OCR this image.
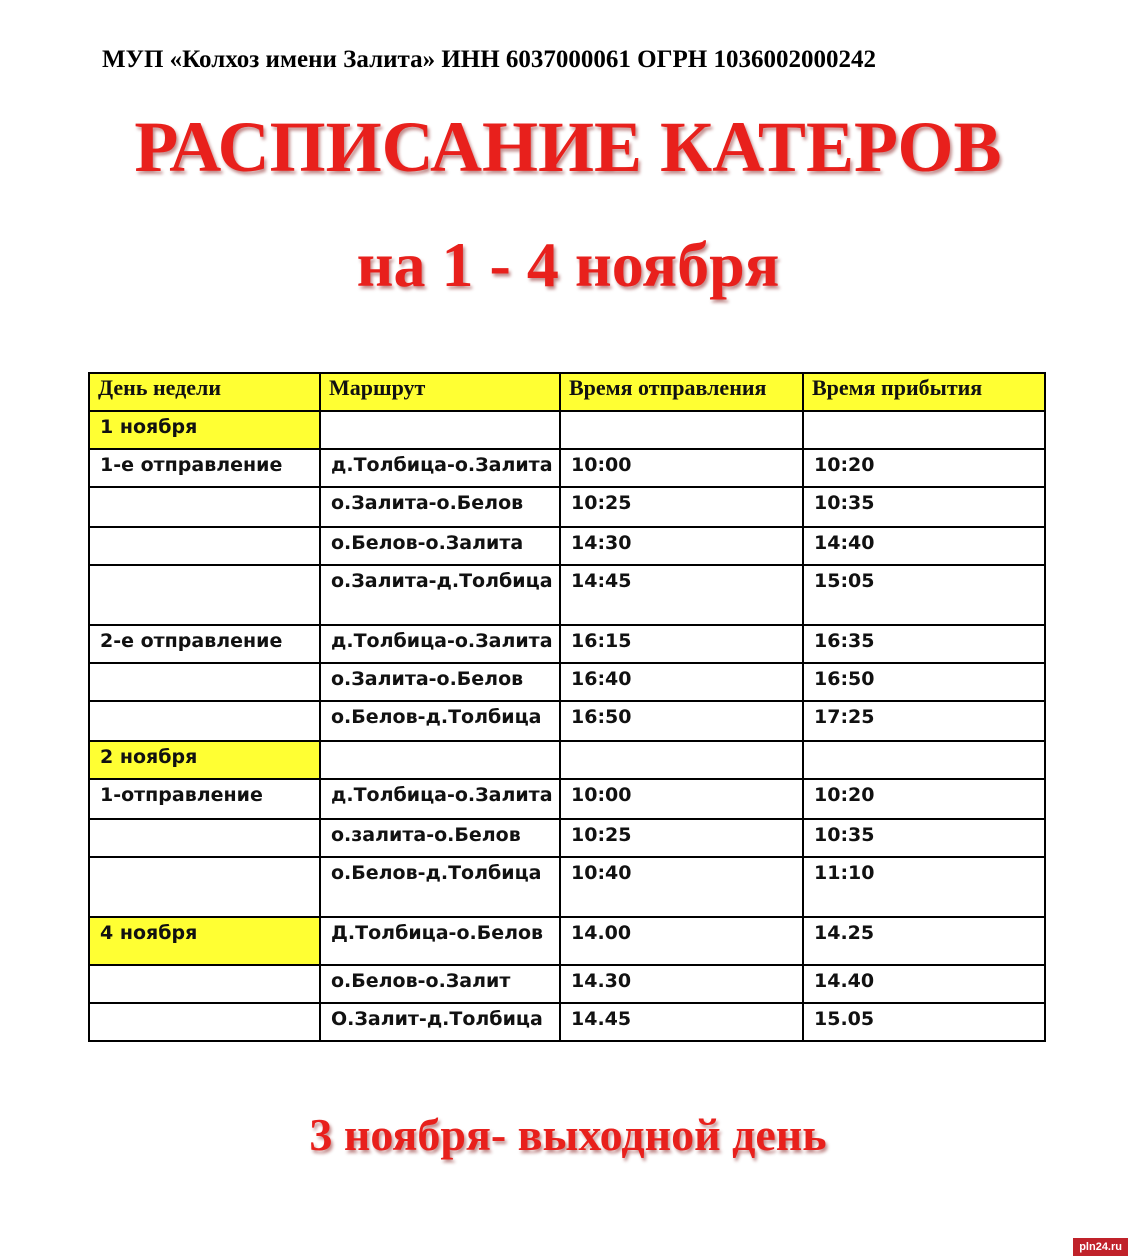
МУП «Колхоз имени Залита» ИНН 6037000061 ОГРН 1036002000242
РАСПИСАНИЕ КАТЕРОВ
на 1 - 4 ноября
День недели	Маршрут	Время отправления	Время прибытия
1 ноября			
1-е отправление	д.Толбица-о.Залита	10:00	10:20
	о.Залита-о.Белов	10:25	10:35
	о.Белов-о.Залита	14:30	14:40
	о.Залита-д.Толбица	14:45	15:05
2-е отправление	д.Толбица-о.Залита	16:15	16:35
	о.Залита-о.Белов	16:40	16:50
	о.Белов-д.Толбица	16:50	17:25
2 ноября			
1-отправление	д.Толбица-о.Залита	10:00	10:20
	о.залита-о.Белов	10:25	10:35
	о.Белов-д.Толбица	10:40	11:10
4 ноября	Д.Толбица-о.Белов	14.00	14.25
	о.Белов-о.Залит	14.30	14.40
	О.Залит-д.Толбица	14.45	15.05
3 ноября- выходной день
pln24.ru
